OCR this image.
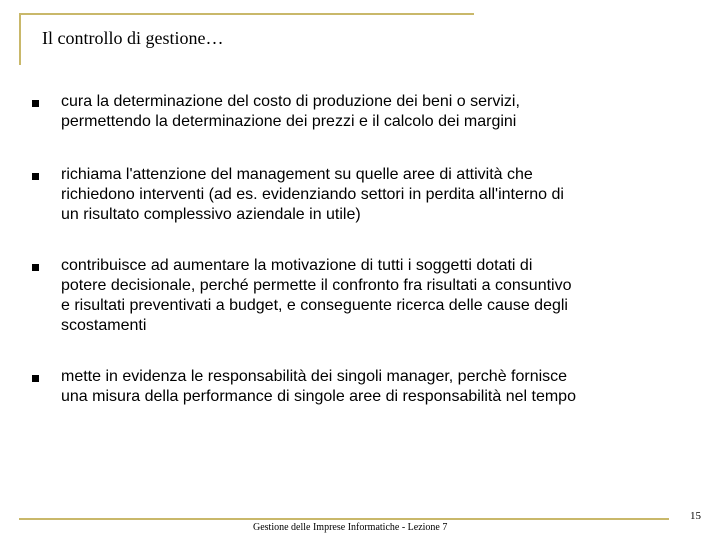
Il controllo di gestione…
cura la determinazione del costo di produzione dei beni o servizi,
permettendo la determinazione dei prezzi e il calcolo dei margini
richiama l'attenzione del management su quelle aree di attività che
richiedono interventi (ad es. evidenziando settori in perdita all'interno di
un risultato complessivo aziendale in utile)
contribuisce ad aumentare la motivazione di tutti i soggetti dotati di
potere decisionale, perché permette il confronto fra risultati a consuntivo
e risultati preventivati a budget, e conseguente ricerca delle cause degli
scostamenti
mette in evidenza le responsabilità dei singoli manager, perchè fornisce
una misura della performance di singole aree di responsabilità nel tempo
Gestione delle Imprese Informatiche - Lezione 7
15
